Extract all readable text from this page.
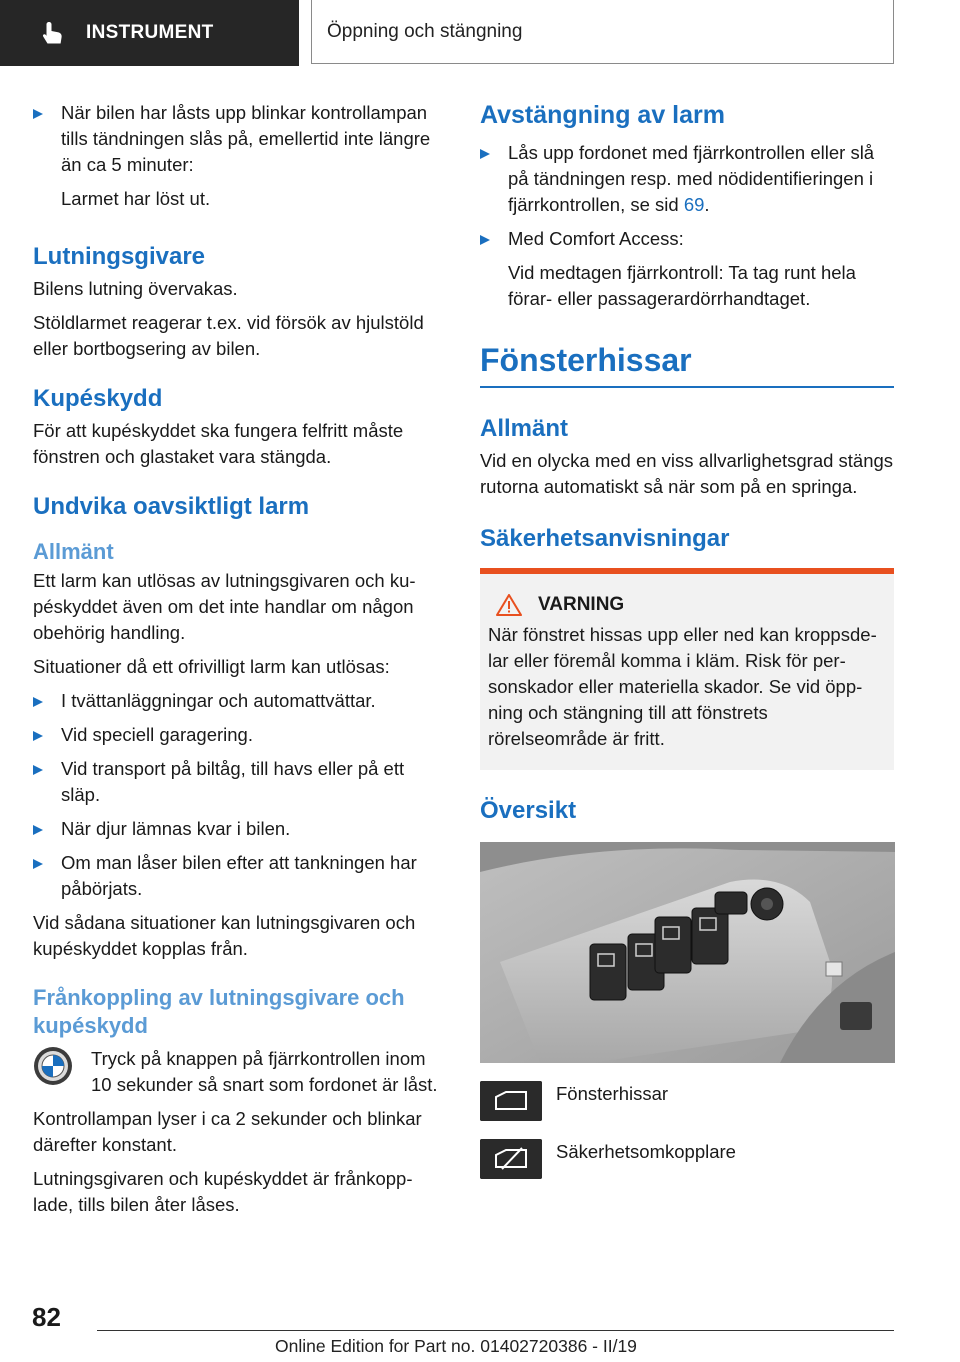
INSTRUMENT	Öppning och stängning

När bilen har låsts upp blinkar kontrollampan tills tändningen slås på, emellertid inte längre än ca 5 minuter:

Larmet har löst ut.

Lutningsgivare

Bilens lutning övervakas.

Stöldlarmet reagerar t.ex. vid försök av hjulstöld eller bortbogsering av bilen.

Kupéskydd

För att kupéskyddet ska fungera felfritt måste fönstren och glastaket vara stängda.

Undvika oavsiktligt larm
Allmänt

Ett larm kan utlösas av lutningsgivaren och kupéskyddet även om det inte handlar om någon obehörig handling.

Situationer då ett ofrivilligt larm kan utlösas:

I tvättanläggningar och automattvättar.

Vid speciell garagering.

Vid transport på biltåg, till havs eller på ett släp.

När djur lämnas kvar i bilen.

Om man låser bilen efter att tankningen har påbörjats.

Vid sådana situationer kan lutningsgivaren och kupéskyddet kopplas från.

Frånkoppling av lutningsgivare och kupéskydd

Tryck på knappen på fjärrkontrollen inom 10 sekunder så snart som fordonet är låst.

Kontrollampan lyser i ca 2 sekunder och blinkar därefter konstant.

Lutningsgivaren och kupéskyddet är frånkopplade, tills bilen åter låses.

Avstängning av larm

Lås upp fordonet med fjärrkontrollen eller slå på tändningen resp. med nödidentifieringen i fjärrkontrollen, se sid 69.

Med Comfort Access:

Vid medtagen fjärrkontroll: Ta tag runt hela förar- eller passagerardörrhandtaget.

Fönsterhissar
Allmänt

Vid en olycka med en viss allvarlighetsgrad stängs rutorna automatiskt så när som på en springa.

Säkerhetsanvisningar
VARNING

När fönstret hissas upp eller ned kan kroppsdelar eller föremål komma i kläm. Risk för personskador eller materiella skador. Se vid öppning och stängning till att fönstrets rörelseområde är fritt.

Översikt

Fönsterhissar

Säkerhetsomkopplare

82
Online Edition for Part no. 01402720386 - II/19
